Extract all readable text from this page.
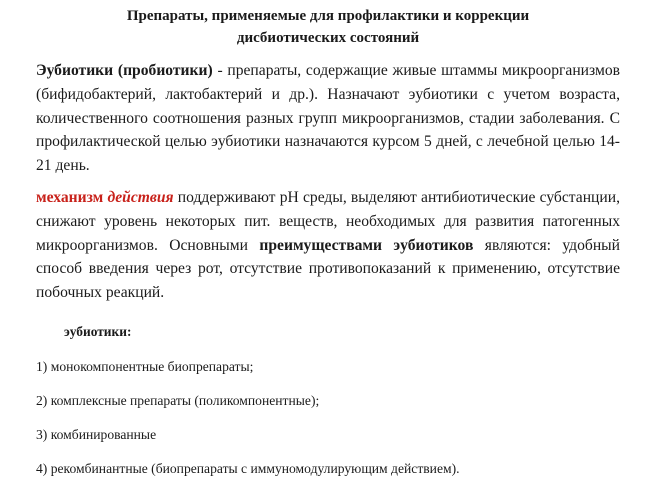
Препараты, применяемые для профилактики и коррекции
дисбиотических состояний

Эубиотики (пробиотики) - препараты, содержащие живые штаммы микроорганизмов (бифидобактерий, лактобактерий и др.). Назначают эубиотики с учетом возраста, количественного соотношения разных групп микроорганизмов, стадии заболевания. С профилактической целью эубиотики назначаются курсом 5 дней, с лечебной целью 14-21 день.

механизм действия поддерживают pH среды, выделяют антибиотические субстанции, снижают уровень некоторых пит. веществ, необходимых для развития патогенных микроорганизмов. Основными преимуществами эубиотиков являются: удобный способ введения через рот, отсутствие противопоказаний к применению, отсутствие побочных реакций.

эубиотики:
1) монокомпонентные биопрепараты;
2) комплексные препараты (поликомпонентные);
3) комбинированные
4) рекомбинантные (биопрепараты с иммуномодулирующим действием).
